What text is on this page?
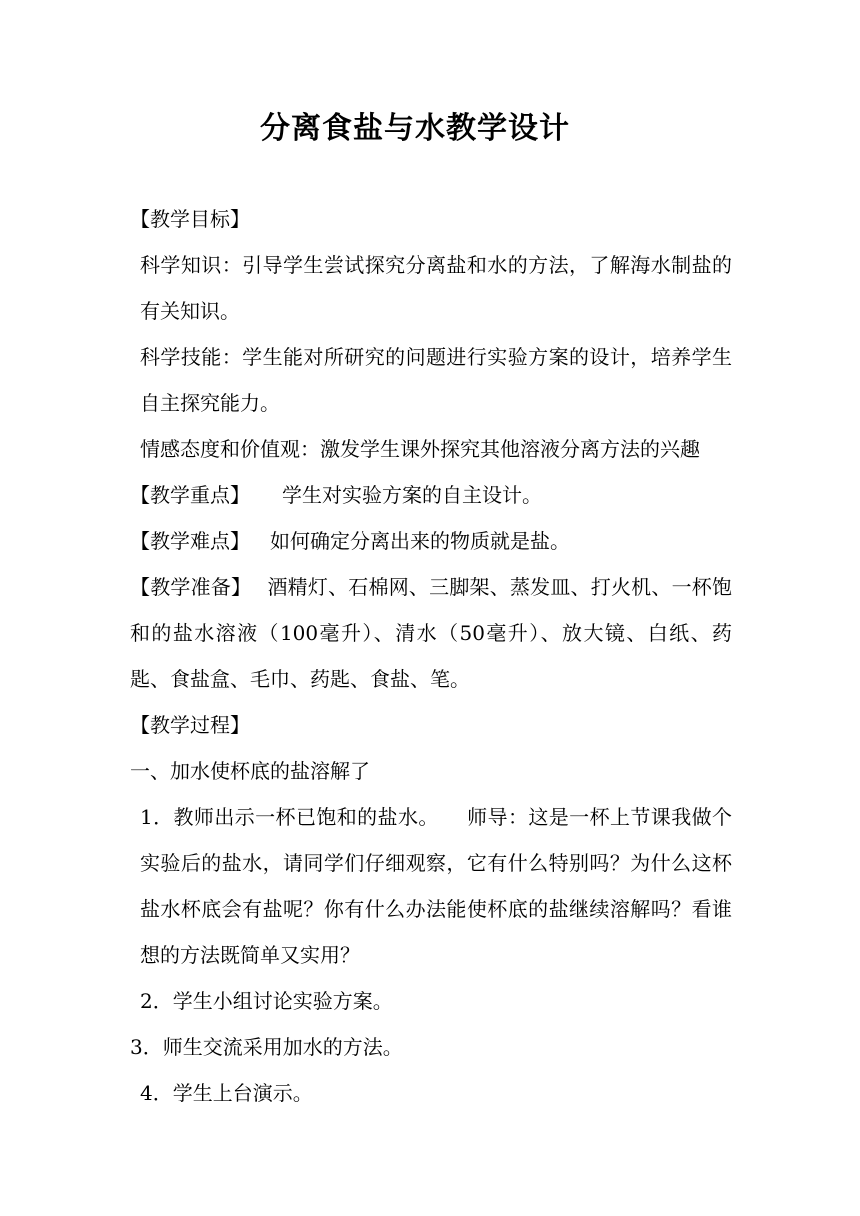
分离食盐与水教学设计

【教学目标】

科学知识：引导学生尝试探究分离盐和水的方法，了解海水制盐的有关知识。

科学技能：学生能对所研究的问题进行实验方案的设计，培养学生自主探究能力。

情感态度和价值观：激发学生课外探究其他溶液分离方法的兴趣

【教学重点】 学生对实验方案的自主设计。

【教学难点】 如何确定分离出来的物质就是盐。

【教学准备】 酒精灯、石棉网、三脚架、蒸发皿、打火机、一杯饱和的盐水溶液（100毫升）、清水（50毫升）、放大镜、白纸、药匙、食盐盒、毛巾、药匙、食盐、笔。

【教学过程】

一、加水使杯底的盐溶解了

1．教师出示一杯已饱和的盐水。 师导：这是一杯上节课我做个实验后的盐水，请同学们仔细观察，它有什么特别吗？为什么这杯盐水杯底会有盐呢？你有什么办法能使杯底的盐继续溶解吗？看谁想的方法既简单又实用？

2．学生小组讨论实验方案。

3．师生交流采用加水的方法。

4．学生上台演示。
